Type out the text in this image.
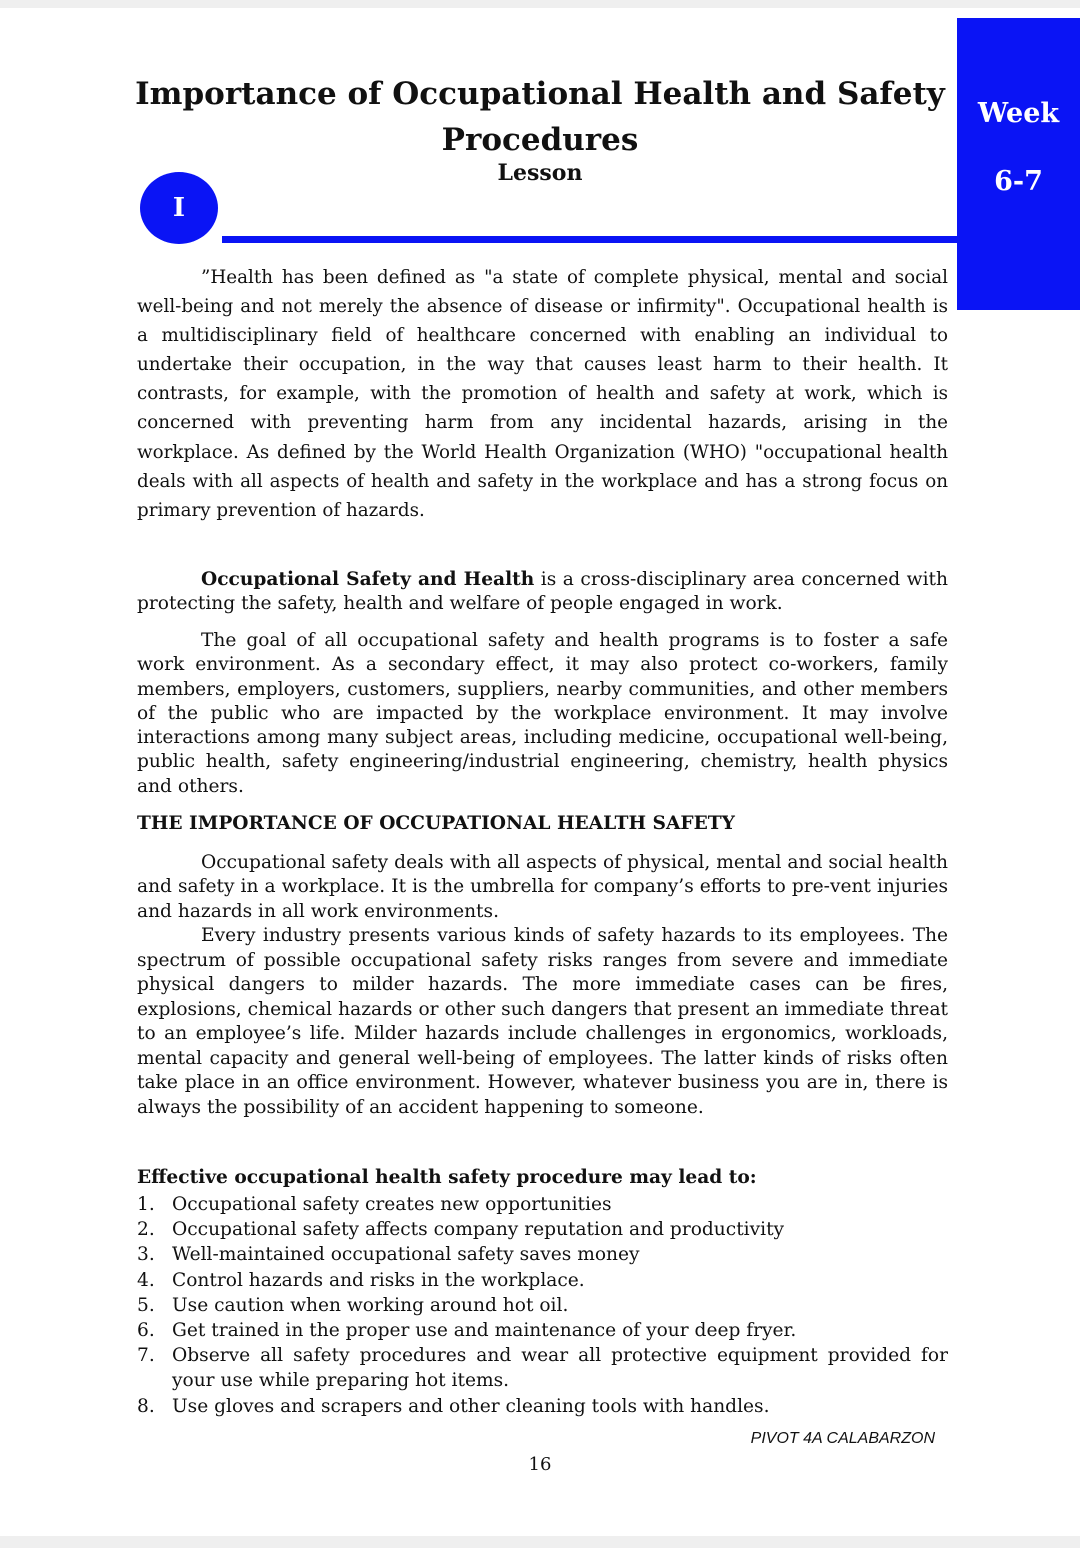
Week
6-7
Importance of Occupational Health and Safety Procedures
Lesson
I

”Health has been defined as "a state of complete physical, mental and social well-being and not merely the absence of disease or infirmity". Occupational health is a multidisciplinary field of healthcare concerned with enabling an individual to undertake their occupation, in the way that causes least harm to their health. It contrasts, for example, with the promotion of health and safety at work, which is concerned with preventing harm from any incidental hazards, arising in the workplace. As defined by the World Health Organization (WHO) "occupational health deals with all aspects of health and safety in the workplace and has a strong focus on primary prevention of hazards.

Occupational Safety and Health is a cross-disciplinary area concerned with protecting the safety, health and welfare of people engaged in work.

The goal of all occupational safety and health programs is to foster a safe work environment. As a secondary effect, it may also protect co-workers, family members, employers, customers, suppliers, nearby communities, and other members of the public who are impacted by the workplace environment. It may involve interactions among many subject areas, including medicine, occupational well-being, public health, safety engineering/industrial engineering, chemistry, health physics and others.

THE IMPORTANCE OF OCCUPATIONAL HEALTH SAFETY

Occupational safety deals with all aspects of physical, mental and social health and safety in a workplace. It is the umbrella for company’s efforts to pre-vent injuries and hazards in all work environments.

Every industry presents various kinds of safety hazards to its employees. The spectrum of possible occupational safety risks ranges from severe and immediate physical dangers to milder hazards. The more immediate cases can be fires, explosions, chemical hazards or other such dangers that present an immediate threat to an employee’s life. Milder hazards include challenges in ergonomics, workloads, mental capacity and general well-being of employees. The latter kinds of risks often take place in an office environment. However, whatever business you are in, there is always the possibility of an accident happening to someone.

Effective occupational health safety procedure may lead to:
1. Occupational safety creates new opportunities
2. Occupational safety affects company reputation and productivity
3. Well-maintained occupational safety saves money
4. Control hazards and risks in the workplace.
5. Use caution when working around hot oil.
6. Get trained in the proper use and maintenance of your deep fryer.
7. Observe all safety procedures and wear all protective equipment provided for your use while preparing hot items.
8. Use gloves and scrapers and other cleaning tools with handles.
PIVOT 4A CALABARZON
16
